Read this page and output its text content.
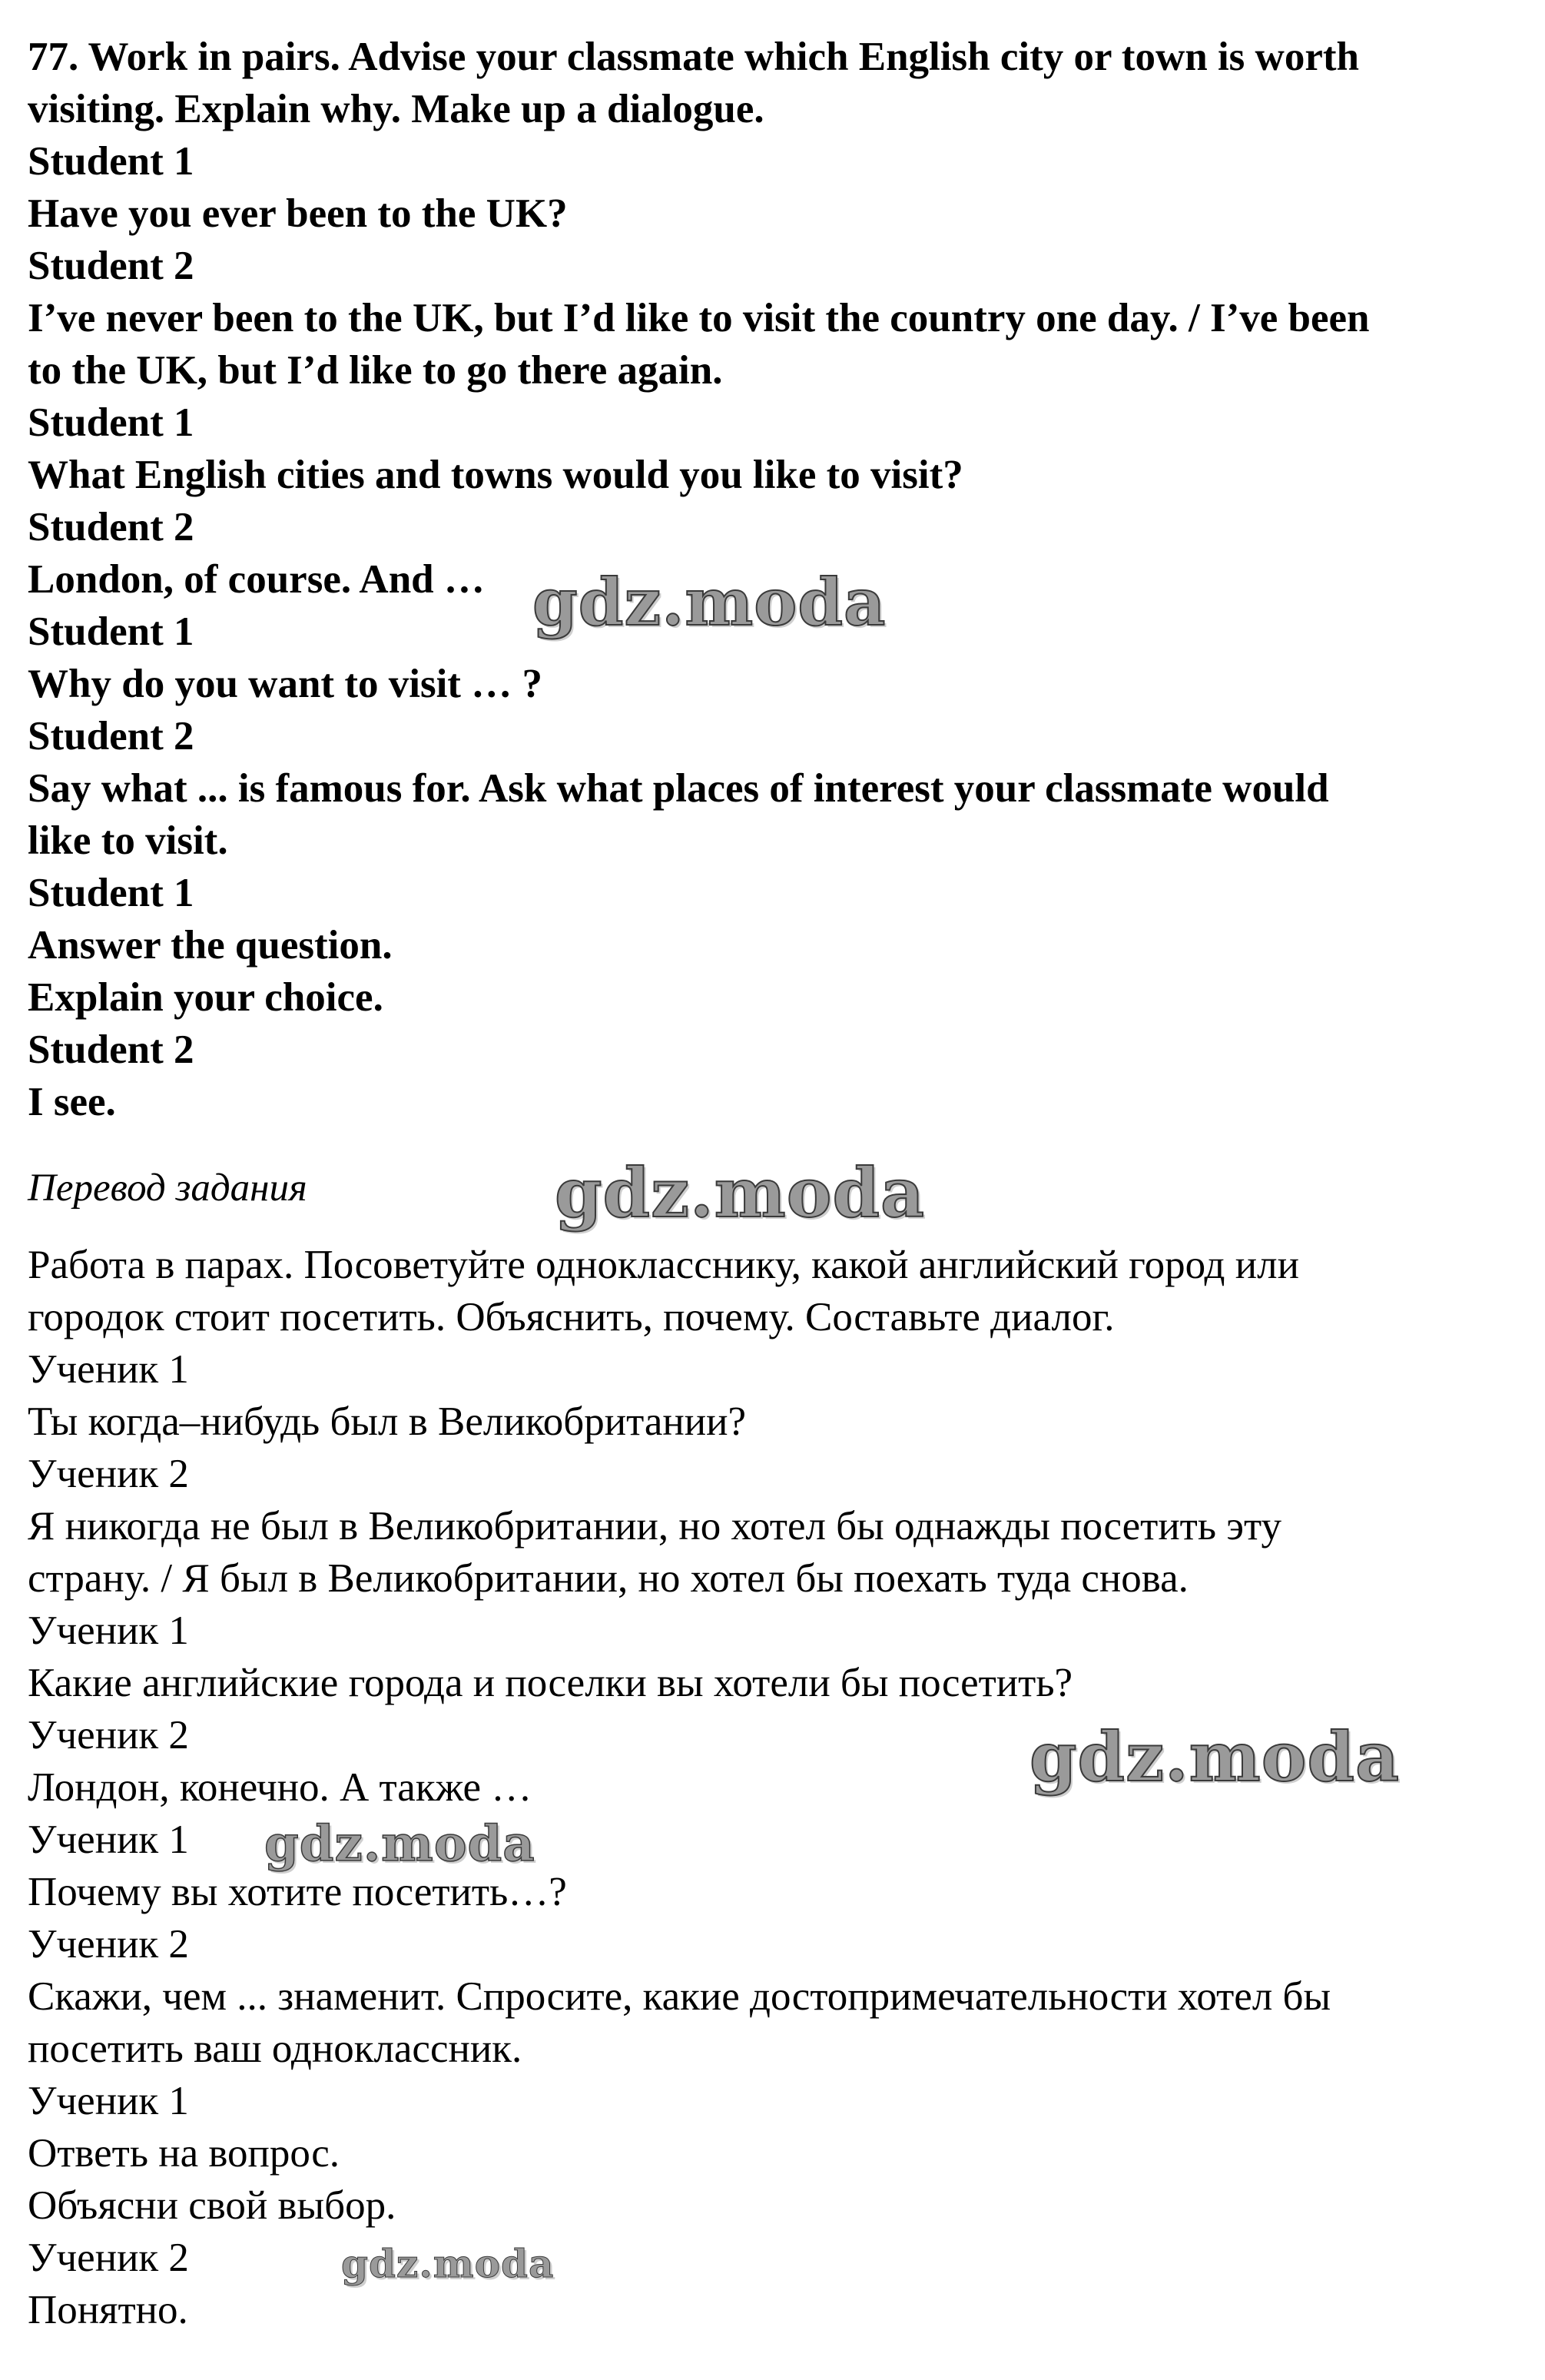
77. Work in pairs. Advise your classmate which English city or town is worth
visiting. Explain why. Make up a dialogue.
Student 1
Have you ever been to the UK?
Student 2
I’ve never been to the UK, but I’d like to visit the country one day. / I’ve been
to the UK, but I’d like to go there again.
Student 1
What English cities and towns would you like to visit?
Student 2
London, of course. And …
Student 1
Why do you want to visit … ?
Student 2
Say what ... is famous for. Ask what places of interest your classmate would
like to visit.
Student 1
Answer the question.
Explain your choice.
Student 2
I see.
Перевод задания
Работа в парах. Посоветуйте однокласснику, какой английский город или
городок стоит посетить. Объяснить, почему. Составьте диалог.
Ученик 1
Ты когда–нибудь был в Великобритании?
Ученик 2
Я никогда не был в Великобритании, но хотел бы однажды посетить эту
страну. / Я был в Великобритании, но хотел бы поехать туда снова.
Ученик 1
Какие английские города и поселки вы хотели бы посетить?
Ученик 2
Лондон, конечно. А также …
Ученик 1
Почему вы хотите посетить…?
Ученик 2
Скажи, чем ... знаменит. Спросите, какие достопримечательности хотел бы
посетить ваш одноклассник.
Ученик 1
Ответь на вопрос.
Объясни свой выбор.
Ученик 2
Понятно.
gdz.moda
gdz.moda
gdz.moda
gdz.moda
gdz.moda
